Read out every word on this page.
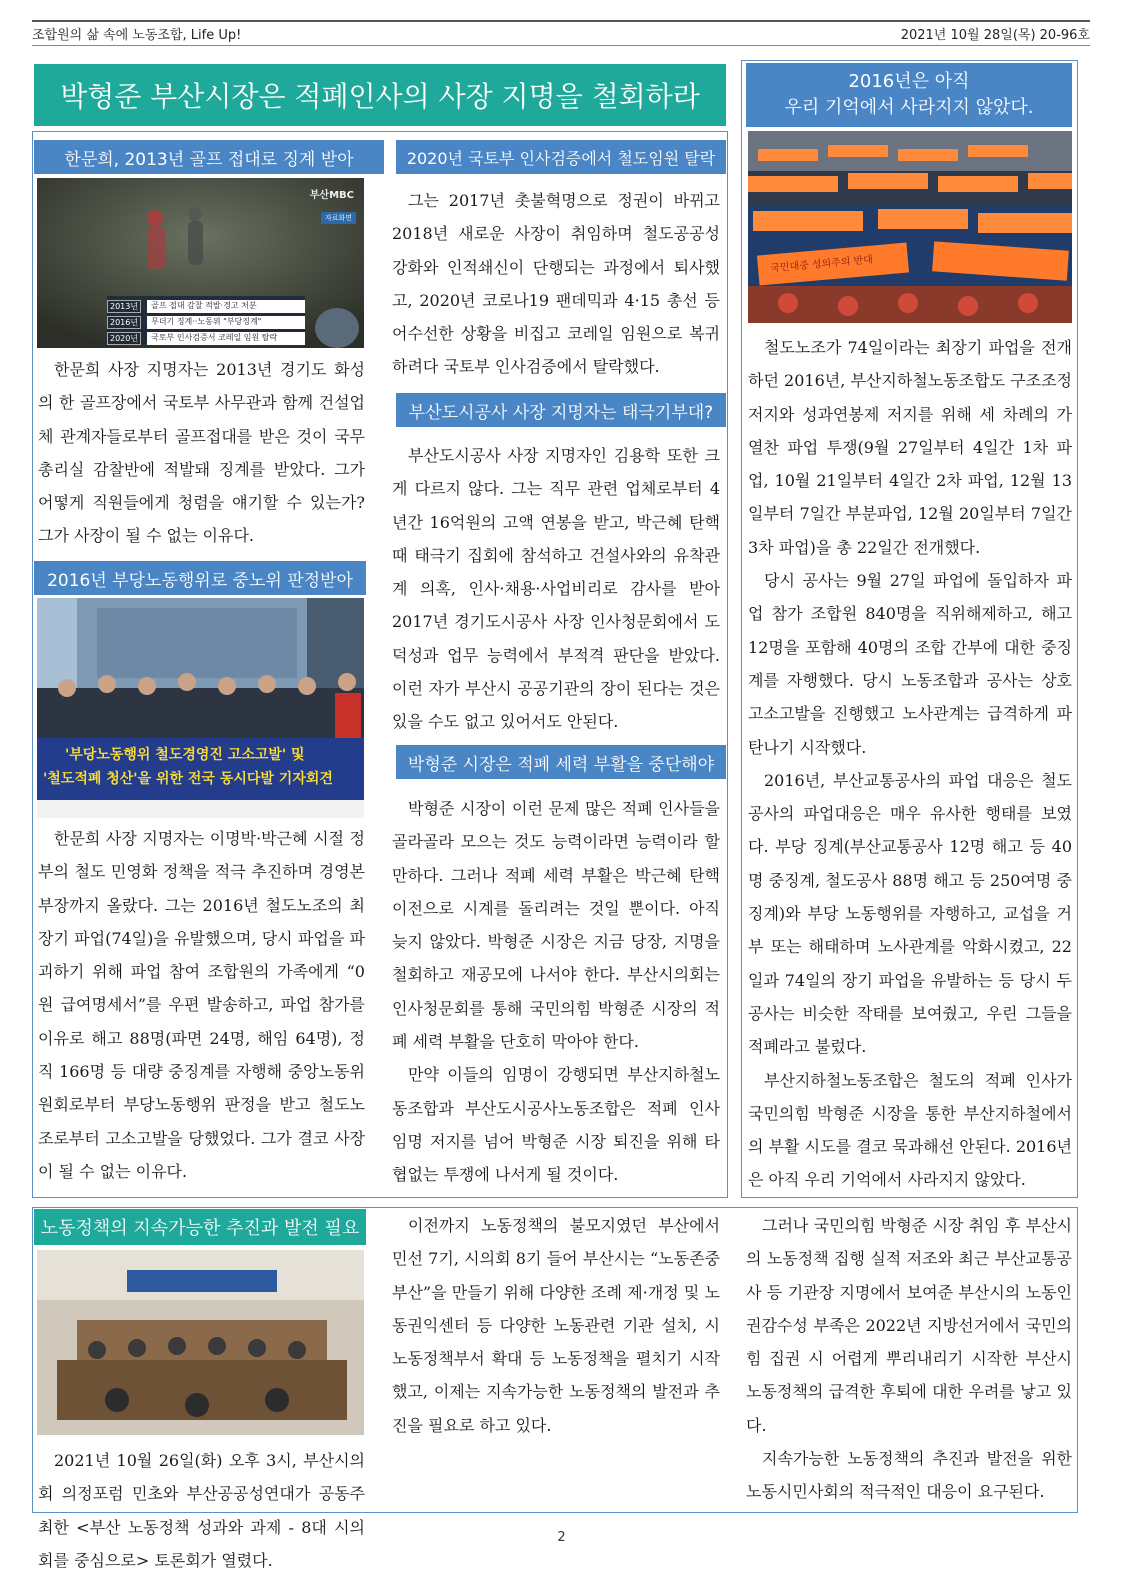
조합원의 삶 속에 노동조합, Life Up!	2021년 10월 28일(목) 20-96호
박형준 부산시장은 적폐인사의 사장 지명을 철회하라
한문희, 2013년 골프 접대로 징계 받아
부산MBC
자료화면
2013년	골프 접대 감찰 적발·경고 처분
2016년	무더기 징계··노동위 "부당징계"
2020년	국토부 인사검증서 코레일 임원 탈락

한문희 사장 지명자는 2013년 경기도 화성의 한 골프장에서 국토부 사무관과 함께 건설업체 관계자들로부터 골프접대를 받은 것이 국무총리실 감찰반에 적발돼 징계를 받았다. 그가 어떻게 직원들에게 청렴을 얘기할 수 있는가? 그가 사장이 될 수 없는 이유다.

2016년 부당노동행위로 중노위 판정받아
'부당노동행위 철도경영진 고소고발' 및
'철도적폐 청산'을 위한 전국 동시다발 기자회견

한문희 사장 지명자는 이명박·박근혜 시절 정부의 철도 민영화 정책을 적극 추진하며 경영본부장까지 올랐다. 그는 2016년 철도노조의 최장기 파업(74일)을 유발했으며, 당시 파업을 파괴하기 위해 파업 참여 조합원의 가족에게 “0원 급여명세서”를 우편 발송하고, 파업 참가를 이유로 해고 88명(파면 24명, 해임 64명), 정직 166명 등 대량 중징계를 자행해 중앙노동위원회로부터 부당노동행위 판정을 받고 철도노조로부터 고소고발을 당했었다. 그가 결코 사장이 될 수 없는 이유다.

2020년 국토부 인사검증에서 철도임원 탈락

그는 2017년 촛불혁명으로 정권이 바뀌고 2018년 새로운 사장이 취임하며 철도공공성 강화와 인적쇄신이 단행되는 과정에서 퇴사했고, 2020년 코로나19 팬데믹과 4·15 총선 등 어수선한 상황을 비집고 코레일 임원으로 복귀하려다 국토부 인사검증에서 탈락했다.

부산도시공사 사장 지명자는 태극기부대?

부산도시공사 사장 지명자인 김용학 또한 크게 다르지 않다. 그는 직무 관련 업체로부터 4년간 16억원의 고액 연봉을 받고, 박근혜 탄핵 때 태극기 집회에 참석하고 건설사와의 유착관계 의혹, 인사·채용·사업비리로 감사를 받아 2017년 경기도시공사 사장 인사청문회에서 도덕성과 업무 능력에서 부적격 판단을 받았다. 이런 자가 부산시 공공기관의 장이 된다는 것은 있을 수도 없고 있어서도 안된다.

박형준 시장은 적폐 세력 부활을 중단해야

박형준 시장이 이런 문제 많은 적폐 인사들을 골라골라 모으는 것도 능력이라면 능력이라 할 만하다. 그러나 적폐 세력 부활은 박근혜 탄핵 이전으로 시계를 돌리려는 것일 뿐이다. 아직 늦지 않았다. 박형준 시장은 지금 당장, 지명을 철회하고 재공모에 나서야 한다. 부산시의회는 인사청문회를 통해 국민의힘 박형준 시장의 적폐 세력 부활을 단호히 막아야 한다.

만약 이들의 임명이 강행되면 부산지하철노동조합과 부산도시공사노동조합은 적폐 인사 임명 저지를 넘어 박형준 시장 퇴진을 위해 타협없는 투쟁에 나서게 될 것이다.

2016년은 아직
우리 기억에서 사라지지 않았다.
국민대중 성의주의 반대

철도노조가 74일이라는 최장기 파업을 전개하던 2016년, 부산지하철노동조합도 구조조정 저지와 성과연봉제 저지를 위해 세 차례의 가열찬 파업 투쟁(9월 27일부터 4일간 1차 파업, 10월 21일부터 4일간 2차 파업, 12월 13일부터 7일간 부분파업, 12월 20일부터 7일간 3차 파업)을 총 22일간 전개했다.

당시 공사는 9월 27일 파업에 돌입하자 파업 참가 조합원 840명을 직위해제하고, 해고 12명을 포함해 40명의 조합 간부에 대한 중징계를 자행했다. 당시 노동조합과 공사는 상호 고소고발을 진행했고 노사관계는 급격하게 파탄나기 시작했다.

2016년, 부산교통공사의 파업 대응은 철도공사의 파업대응은 매우 유사한 행태를 보였다. 부당 징계(부산교통공사 12명 해고 등 40명 중징계, 철도공사 88명 해고 등 250여명 중징계)와 부당 노동행위를 자행하고, 교섭을 거부 또는 해태하며 노사관계를 악화시켰고, 22일과 74일의 장기 파업을 유발하는 등 당시 두 공사는 비슷한 작태를 보여줬고, 우린 그들을 적폐라고 불렀다.

부산지하철노동조합은 철도의 적폐 인사가 국민의힘 박형준 시장을 통한 부산지하철에서의 부활 시도를 결코 묵과해선 안된다. 2016년은 아직 우리 기억에서 사라지지 않았다.

노동정책의 지속가능한 추진과 발전 필요

2021년 10월 26일(화) 오후 3시, 부산시의회 의정포럼 민초와 부산공공성연대가 공동주최한 <부산 노동정책 성과와 과제 - 8대 시의회를 중심으로> 토론회가 열렸다.

이전까지 노동정책의 불모지였던 부산에서 민선 7기, 시의회 8기 들어 부산시는 “노동존중 부산”을 만들기 위해 다양한 조례 제·개정 및 노동권익센터 등 다양한 노동관련 기관 설치, 시 노동정책부서 확대 등 노동정책을 펼치기 시작했고, 이제는 지속가능한 노동정책의 발전과 추진을 필요로 하고 있다.

그러나 국민의힘 박형준 시장 취임 후 부산시의 노동정책 집행 실적 저조와 최근 부산교통공사 등 기관장 지명에서 보여준 부산시의 노동인권감수성 부족은 2022년 지방선거에서 국민의 힘 집권 시 어렵게 뿌리내리기 시작한 부산시 노동정책의 급격한 후퇴에 대한 우려를 낳고 있다.

지속가능한 노동정책의 추진과 발전을 위한 노동시민사회의 적극적인 대응이 요구된다.

2
